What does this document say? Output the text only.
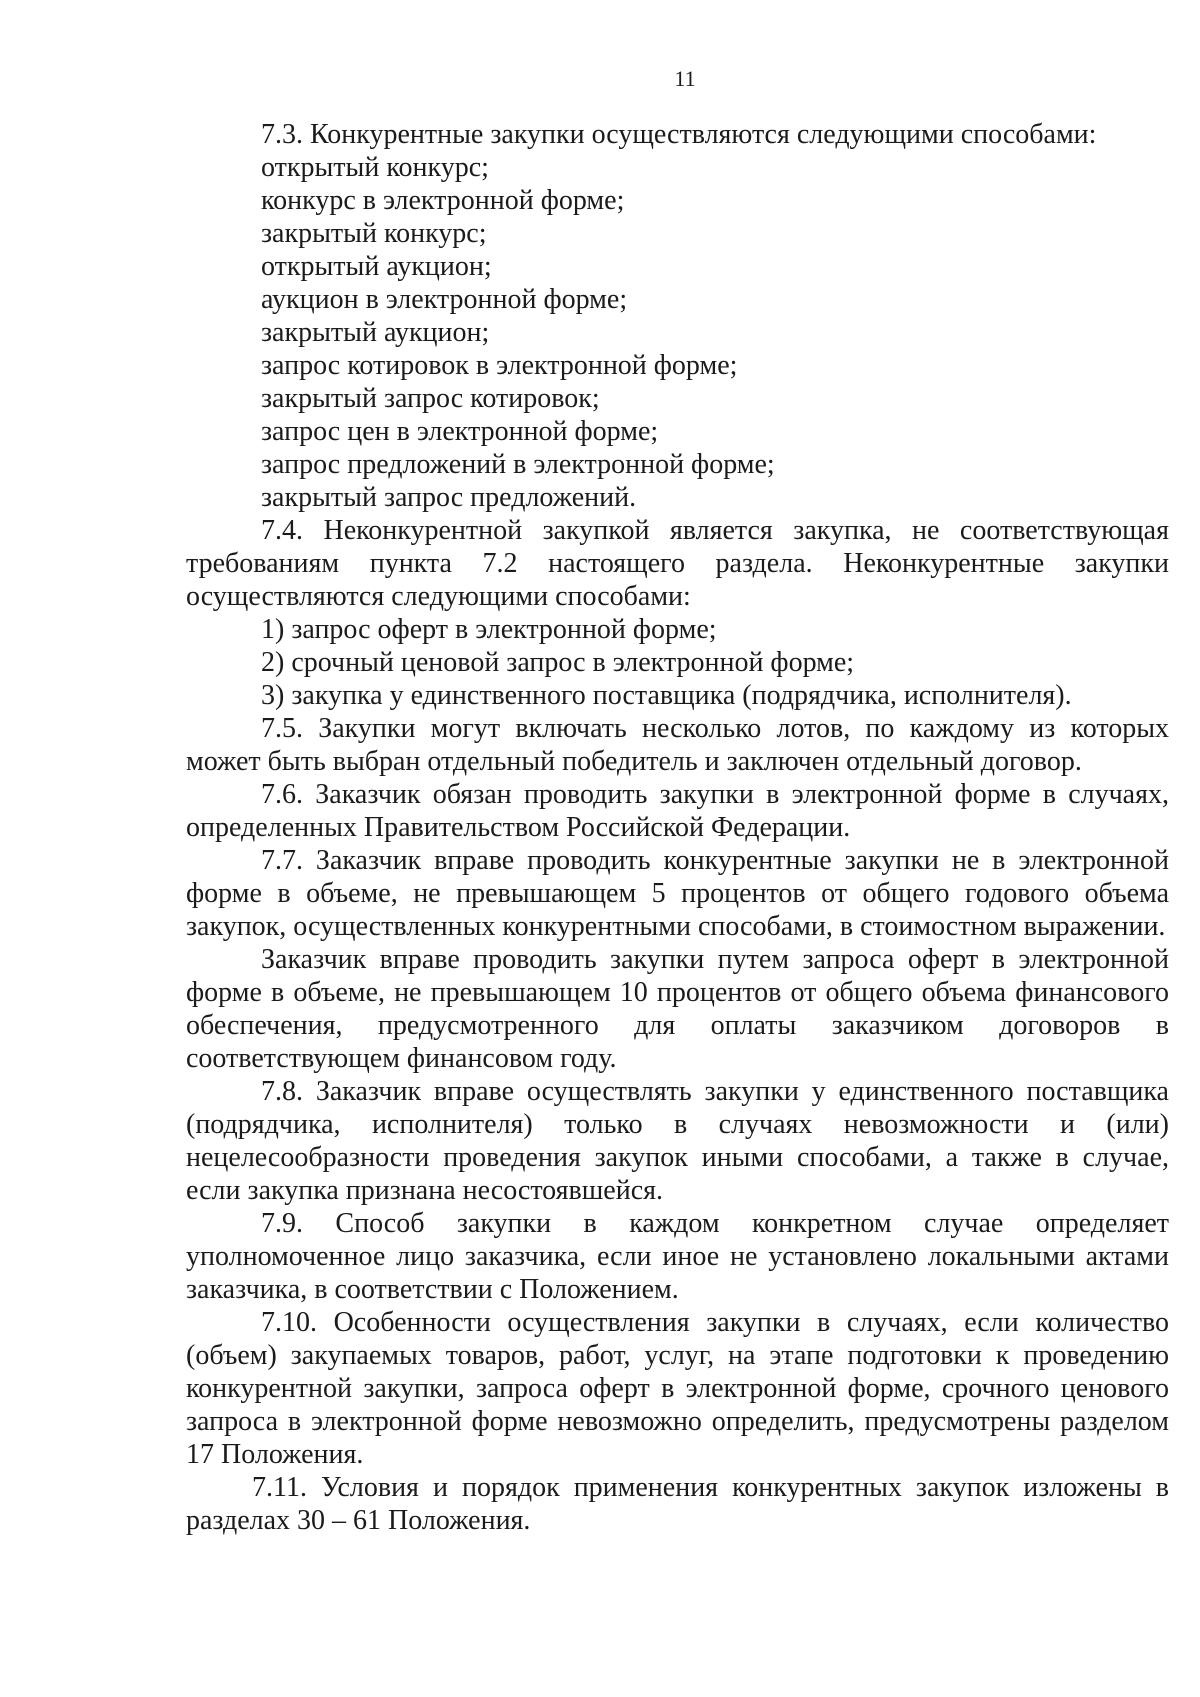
11

7.3. Конкурентные закупки осуществляются следующими способами:

открытый конкурс;

конкурс в электронной форме;

закрытый конкурс;

открытый аукцион;

аукцион в электронной форме;

закрытый аукцион;

запрос котировок в электронной форме;

закрытый запрос котировок;

запрос цен в электронной форме;

запрос предложений в электронной форме;

закрытый запрос предложений.

7.4. Неконкурентной закупкой является закупка, не соответствующая требованиям пункта 7.2 настоящего раздела. Неконкурентные закупки осуществляются следующими способами:

1) запрос оферт в электронной форме;

2) срочный ценовой запрос в электронной форме;

3) закупка у единственного поставщика (подрядчика, исполнителя).

7.5. Закупки могут включать несколько лотов, по каждому из которых может быть выбран отдельный победитель и заключен отдельный договор.

7.6. Заказчик обязан проводить закупки в электронной форме в случаях, определенных Правительством Российской Федерации.

7.7. Заказчик вправе проводить конкурентные закупки не в электронной форме в объеме, не превышающем 5 процентов от общего годового объема закупок, осуществленных конкурентными способами, в стоимостном выражении.

Заказчик вправе проводить закупки путем запроса оферт в электронной форме в объеме, не превышающем 10 процентов от общего объема финансового обеспечения, предусмотренного для оплаты заказчиком договоров в соответствующем финансовом году.

7.8. Заказчик вправе осуществлять закупки у единственного поставщика (подрядчика, исполнителя) только в случаях невозможности и (или) нецелесообразности проведения закупок иными способами, а также в случае, если закупка признана несостоявшейся.

7.9. Способ закупки в каждом конкретном случае определяет уполномоченное лицо заказчика, если иное не установлено локальными актами заказчика, в соответствии с Положением.

7.10. Особенности осуществления закупки в случаях, если количество (объем) закупаемых товаров, работ, услуг, на этапе подготовки к проведению конкурентной закупки, запроса оферт в электронной форме, срочного ценового запроса в электронной форме невозможно определить, предусмотрены разделом 17 Положения.

7.11. Условия и порядок применения конкурентных закупок изложены в разделах 30 – 61 Положения.
